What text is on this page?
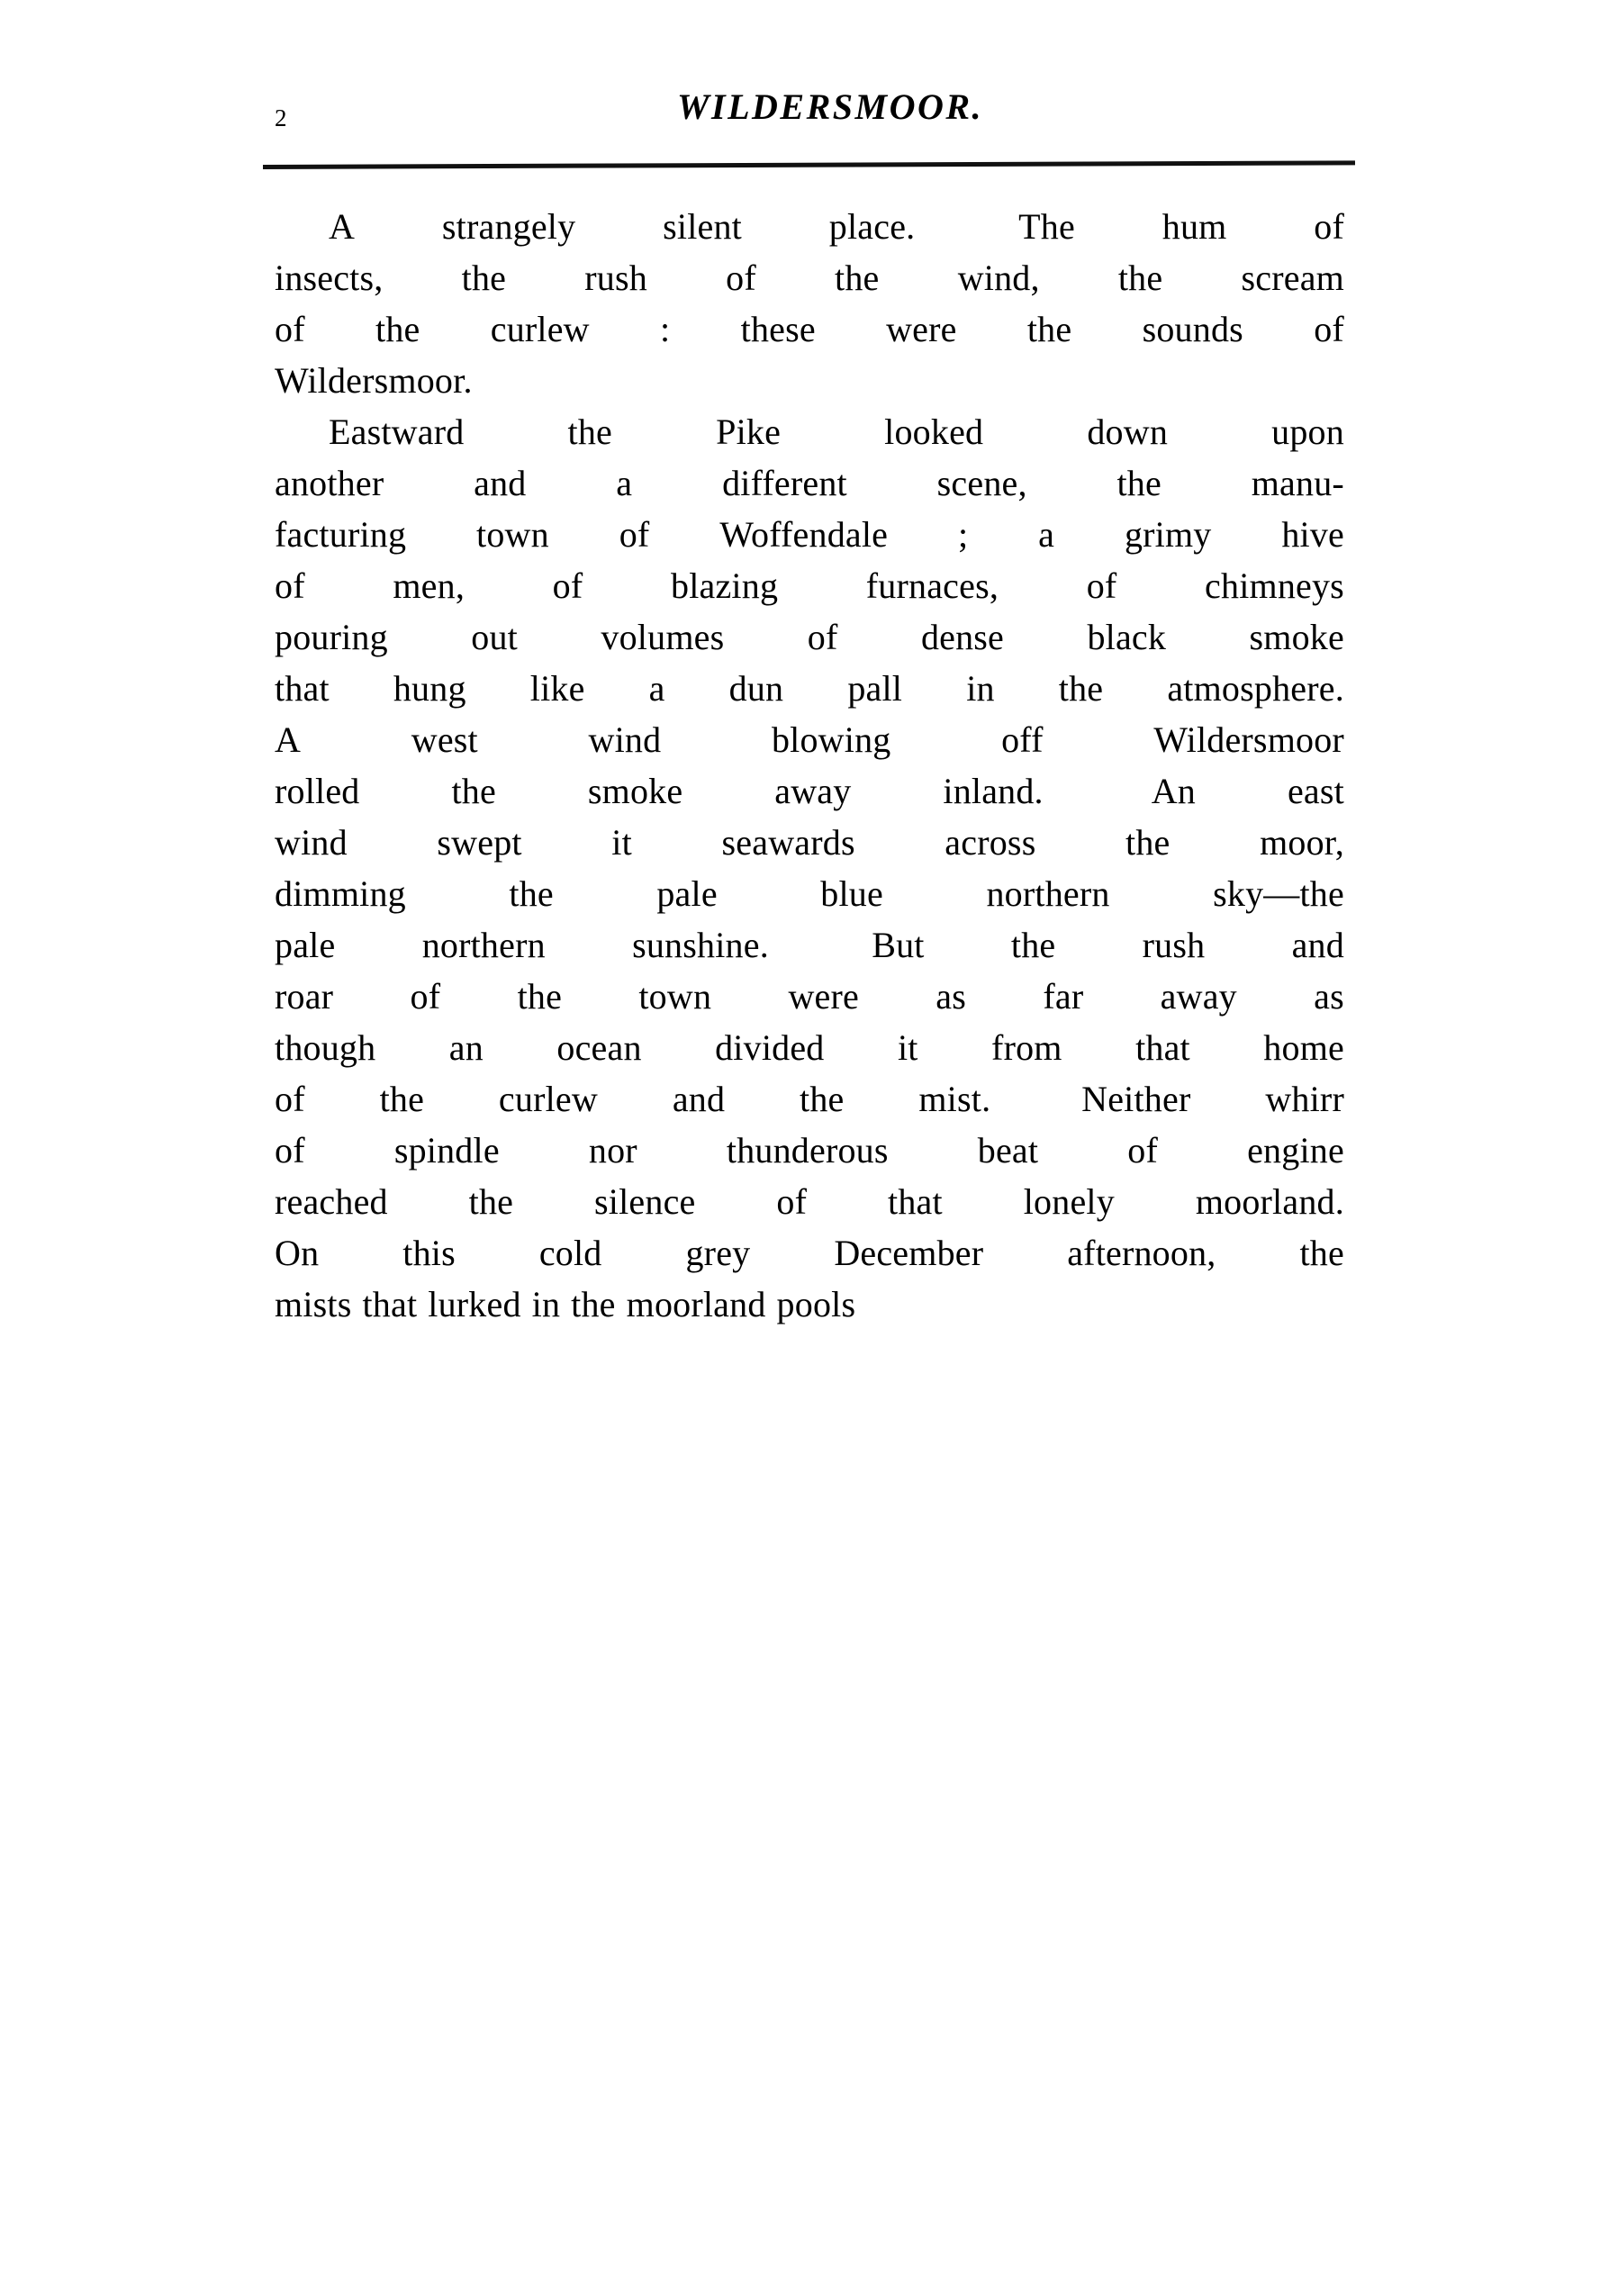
2	WILDERSMOOR.
A strangely silent place.	The hum of
insects, the rush of the wind, the scream
of the curlew : these were the sounds of
Wildersmoor.
Eastward	the	Pike	looked	down	upon
another and a different scene, the manu-
facturing town of Woffendale ; a grimy hive
of men, of blazing furnaces, of chimneys
pouring out volumes of dense black smoke
that hung like a dun pall in the atmosphere.
A	west	wind	blowing	off	Wildersmoor
rolled	the	smoke	away	inland.	An	east
wind swept it seawards across the moor,
dimming	the	pale	blue	northern	sky—the
pale northern sunshine.	But the rush and
roar of the town were as far away as
though an ocean divided it from that home
of the curlew and the mist.	Neither whirr
of spindle nor thunderous beat of engine
reached the silence of that lonely moorland.
On this cold grey December afternoon, the
mists that lurked in the moorland pools
